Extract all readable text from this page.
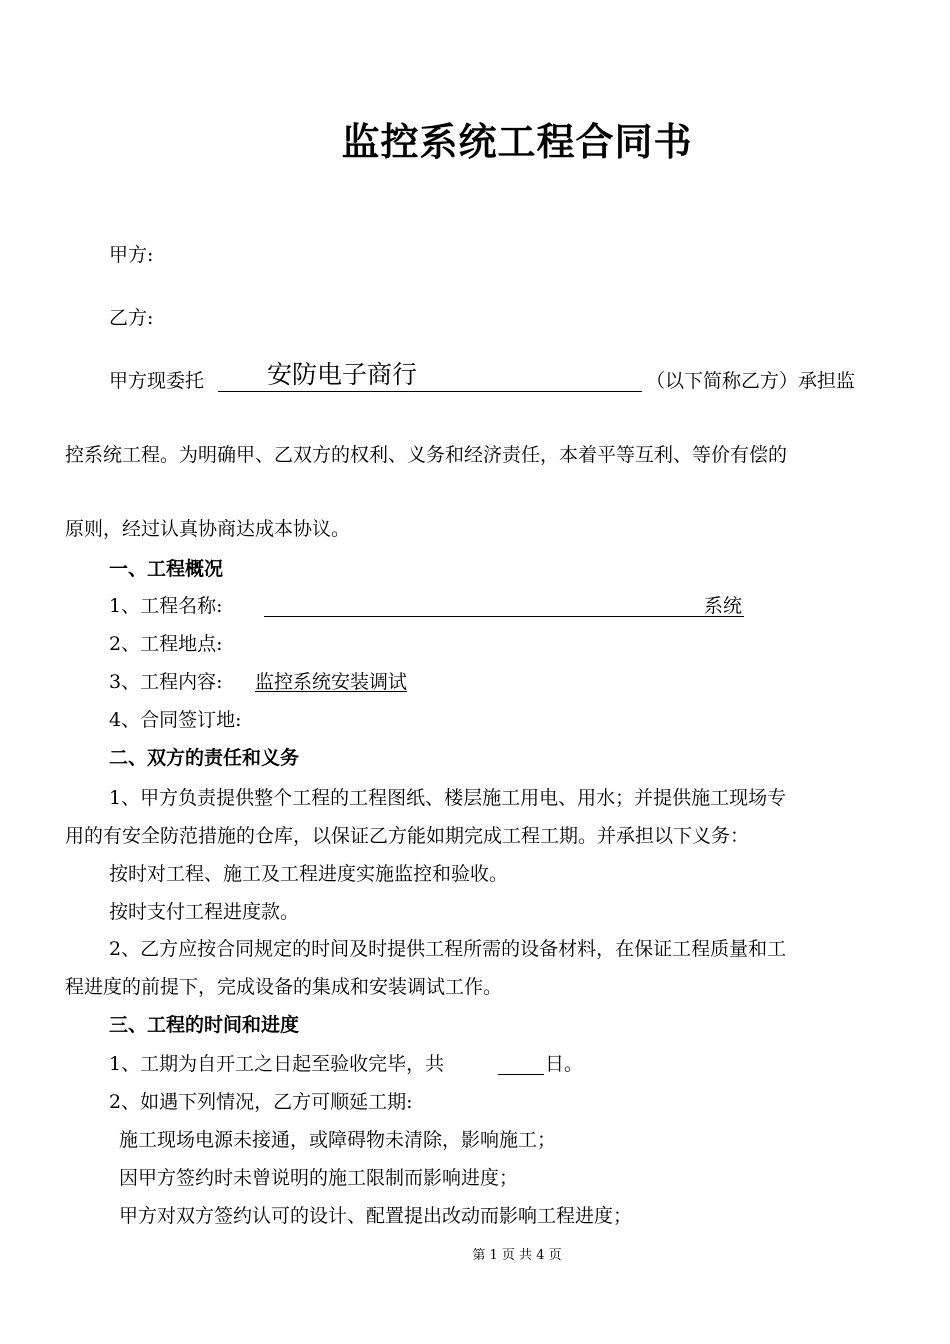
监控系统工程合同书
甲方:
乙方:
甲方现委托	安防电子商行	（以下简称乙方）承担监
控系统工程。为明确甲、乙双方的权利、义务和经济责任，本着平等互利、等价有偿的
原则，经过认真协商达成本协议。
一、工程概况
1、工程名称:	系统
2、工程地点:
3、工程内容: 监控系统安装调试
4、合同签订地:
二、双方的责任和义务
1、甲方负责提供整个工程的工程图纸、楼层施工用电、用水；并提供施工现场专
用的有安全防范措施的仓库，以保证乙方能如期完成工程工期。并承担以下义务：
按时对工程、施工及工程进度实施监控和验收。
按时支付工程进度款。
2、乙方应按合同规定的时间及时提供工程所需的设备材料，在保证工程质量和工
程进度的前提下，完成设备的集成和安装调试工作。
三、工程的时间和进度
1、工期为自开工之日起至验收完毕，共	日。
2、如遇下列情况，乙方可顺延工期:
施工现场电源未接通，或障碍物未清除，影响施工；
因甲方签约时未曾说明的施工限制而影响进度；
甲方对双方签约认可的设计、配置提出改动而影响工程进度；
第 1 页 共 4 页
